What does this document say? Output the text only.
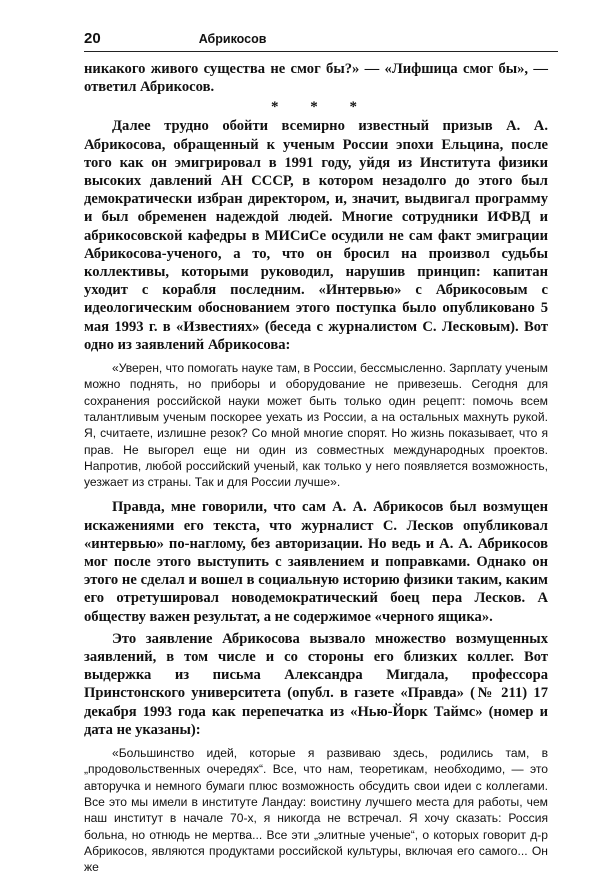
20	Абрикосов

никакого живого существа не смог бы?» — «Лифшица смог бы», — ответил Абрикосов.

* * *

Далее трудно обойти всемирно известный призыв А. А. Абрикосова, обращенный к ученым России эпохи Ельцина, после того как он эмигрировал в 1991 году, уйдя из Института физики высоких давлений АН СССР, в котором незадолго до этого был демократически избран директором, и, значит, выдвигал программу и был обременен надеждой людей. Многие сотрудники ИФВД и абрикосовской кафедры в МИСиСе осудили не сам факт эмиграции Абрикосова-ученого, а то, что он бросил на произвол судьбы коллективы, которыми руководил, нарушив принцип: капитан уходит с корабля последним. «Интервью» с Абрикосовым с идеологическим обоснованием этого поступка было опубликовано 5 мая 1993 г. в «Известиях» (беседа с журналистом С. Лесковым). Вот одно из заявлений Абрикосова:

«Уверен, что помогать науке там, в России, бессмысленно. Зарплату ученым можно поднять, но приборы и оборудование не привезешь. Сегодня для сохранения российской науки может быть только один рецепт: помочь всем талантливым ученым поскорее уехать из России, а на остальных махнуть рукой. Я, считаете, излишне резок? Со мной многие спорят. Но жизнь показывает, что я прав. Не выгорел еще ни один из совместных международных проектов. Напротив, любой российский ученый, как только у него появляется возможность, уезжает из страны. Так и для России лучше».

Правда, мне говорили, что сам А. А. Абрикосов был возмущен искажениями его текста, что журналист С. Лесков опубликовал «интервью» по-наглому, без авторизации. Но ведь и А. А. Абрикосов мог после этого выступить с заявлением и поправками. Однако он этого не сделал и вошел в социальную историю физики таким, каким его отретушировал новодемократический боец пера Лесков. А обществу важен результат, а не содержимое «черного ящика».

Это заявление Абрикосова вызвало множество возмущенных заявлений, в том числе и со стороны его близких коллег. Вот выдержка из письма Александра Мигдала, профессора Принстонского университета (опубл. в газете «Правда» (№ 211) 17 декабря 1993 года как перепечатка из «Нью-Йорк Таймс» (номер и дата не указаны):

«Большинство идей, которые я развиваю здесь, родились там, в „продовольственных очередях“. Все, что нам, теоретикам, необходимо, — это авторучка и немного бумаги плюс возможность обсудить свои идеи с коллегами. Все это мы имели в институте Ландау: воистину лучшего места для работы, чем наш институт в начале 70-х, я никогда не встречал. Я хочу сказать: Россия больна, но отнюдь не мертва... Все эти „элитные ученые“, о которых говорит д-р Абрикосов, являются продуктами российской культуры, включая его самого... Он же
